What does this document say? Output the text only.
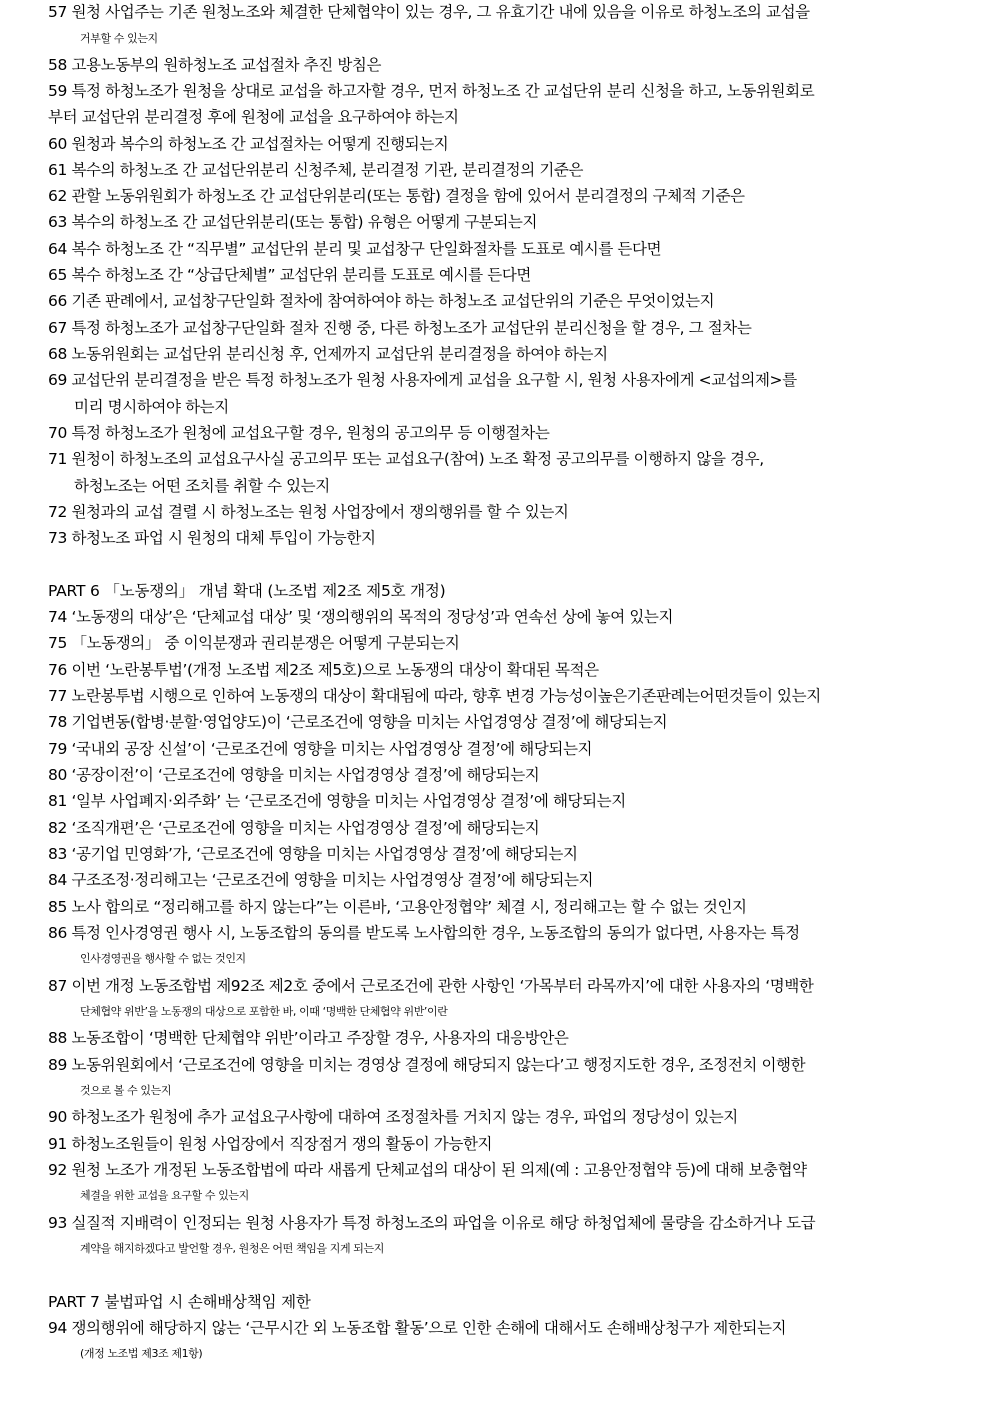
57 원청 사업주는 기존 원청노조와 체결한 단체협약이 있는 경우, 그 유효기간 내에 있음을 이유로 하청노조의 교섭을
거부할 수 있는지
58 고용노동부의 원하청노조 교섭절차 추진 방침은
59 특정 하청노조가 원청을 상대로 교섭을 하고자할 경우, 먼저 하청노조 간 교섭단위 분리 신청을 하고, 노동위원회로
부터 교섭단위 분리결정 후에 원청에 교섭을 요구하여야 하는지
60 원청과 복수의 하청노조 간 교섭절차는 어떻게 진행되는지
61 복수의 하청노조 간 교섭단위분리 신청주체, 분리결정 기관, 분리결정의 기준은
62 관할 노동위원회가 하청노조 간 교섭단위분리(또는 통합) 결정을 함에 있어서 분리결정의 구체적 기준은
63 복수의 하청노조 간 교섭단위분리(또는 통합) 유형은 어떻게 구분되는지
64 복수 하청노조 간 “직무별” 교섭단위 분리 및 교섭창구 단일화절차를 도표로 예시를 든다면
65 복수 하청노조 간 “상급단체별” 교섭단위 분리를 도표로 예시를 든다면
66 기존 판례에서, 교섭창구단일화 절차에 참여하여야 하는 하청노조 교섭단위의 기준은 무엇이었는지
67 특정 하청노조가 교섭창구단일화 절차 진행 중, 다른 하청노조가 교섭단위 분리신청을 할 경우, 그 절차는
68 노동위원회는 교섭단위 분리신청 후, 언제까지 교섭단위 분리결정을 하여야 하는지
69 교섭단위 분리결정을 받은 특정 하청노조가 원청 사용자에게 교섭을 요구할 시, 원청 사용자에게 <교섭의제>를
미리 명시하여야 하는지
70 특정 하청노조가 원청에 교섭요구할 경우, 원청의 공고의무 등 이행절차는
71 원청이 하청노조의 교섭요구사실 공고의무 또는 교섭요구(참여) 노조 확정 공고의무를 이행하지 않을 경우,
하청노조는 어떤 조치를 취할 수 있는지
72 원청과의 교섭 결렬 시 하청노조는 원청 사업장에서 쟁의행위를 할 수 있는지
73 하청노조 파업 시 원청의 대체 투입이 가능한지
PART 6 「노동쟁의」 개념 확대 (노조법 제2조 제5호 개정)
74 ‘노동쟁의 대상’은 ‘단체교섭 대상’ 및 ‘쟁의행위의 목적의 정당성’과 연속선 상에 놓여 있는지
75 「노동쟁의」 중 이익분쟁과 권리분쟁은 어떻게 구분되는지
76 이번 ‘노란봉투법’(개정 노조법 제2조 제5호)으로 노동쟁의 대상이 확대된 목적은
77 노란봉투법 시행으로 인하여 노동쟁의 대상이 확대됨에 따라, 향후 변경 가능성이높은기존판례는어떤것들이 있는지
78 기업변동(합병·분할·영업양도)이 ‘근로조건에 영향을 미치는 사업경영상 결정’에 해당되는지
79 ‘국내외 공장 신설’이 ‘근로조건에 영향을 미치는 사업경영상 결정’에 해당되는지
80 ‘공장이전’이 ‘근로조건에 영향을 미치는 사업경영상 결정’에 해당되는지
81 ‘일부 사업폐지·외주화’ 는 ‘근로조건에 영향을 미치는 사업경영상 결정’에 해당되는지
82 ‘조직개편’은 ‘근로조건에 영향을 미치는 사업경영상 결정’에 해당되는지
83 ‘공기업 민영화’가, ‘근로조건에 영향을 미치는 사업경영상 결정’에 해당되는지
84 구조조정·정리해고는 ‘근로조건에 영향을 미치는 사업경영상 결정’에 해당되는지
85 노사 합의로 “정리해고를 하지 않는다”는 이른바, ‘고용안정협약’ 체결 시, 정리해고는 할 수 없는 것인지
86 특정 인사경영권 행사 시, 노동조합의 동의를 받도록 노사합의한 경우, 노동조합의 동의가 없다면, 사용자는 특정
인사경영권을 행사할 수 없는 것인지
87 이번 개정 노동조합법 제92조 제2호 중에서 근로조건에 관한 사항인 ‘가목부터 라목까지’에 대한 사용자의 ‘명백한
단체협약 위반’을 노동쟁의 대상으로 포함한 바, 이때 ‘명백한 단체협약 위반’이란
88 노동조합이 ‘명백한 단체협약 위반’이라고 주장할 경우, 사용자의 대응방안은
89 노동위원회에서 ‘근로조건에 영향을 미치는 경영상 결정에 해당되지 않는다’고 행정지도한 경우, 조정전치 이행한
것으로 볼 수 있는지
90 하청노조가 원청에 추가 교섭요구사항에 대하여 조정절차를 거치지 않는 경우, 파업의 정당성이 있는지
91 하청노조원들이 원청 사업장에서 직장점거 쟁의 활동이 가능한지
92 원청 노조가 개정된 노동조합법에 따라 새롭게 단체교섭의 대상이 된 의제(예 : 고용안정협약 등)에 대해 보충협약
체결을 위한 교섭을 요구할 수 있는지
93 실질적 지배력이 인정되는 원청 사용자가 특정 하청노조의 파업을 이유로 해당 하청업체에 물량을 감소하거나 도급
계약을 해지하겠다고 발언할 경우, 원청은 어떤 책임을 지게 되는지
PART 7 불법파업 시 손해배상책임 제한
94 쟁의행위에 해당하지 않는 ‘근무시간 외 노동조합 활동’으로 인한 손해에 대해서도 손해배상청구가 제한되는지
(개정 노조법 제3조 제1항)
